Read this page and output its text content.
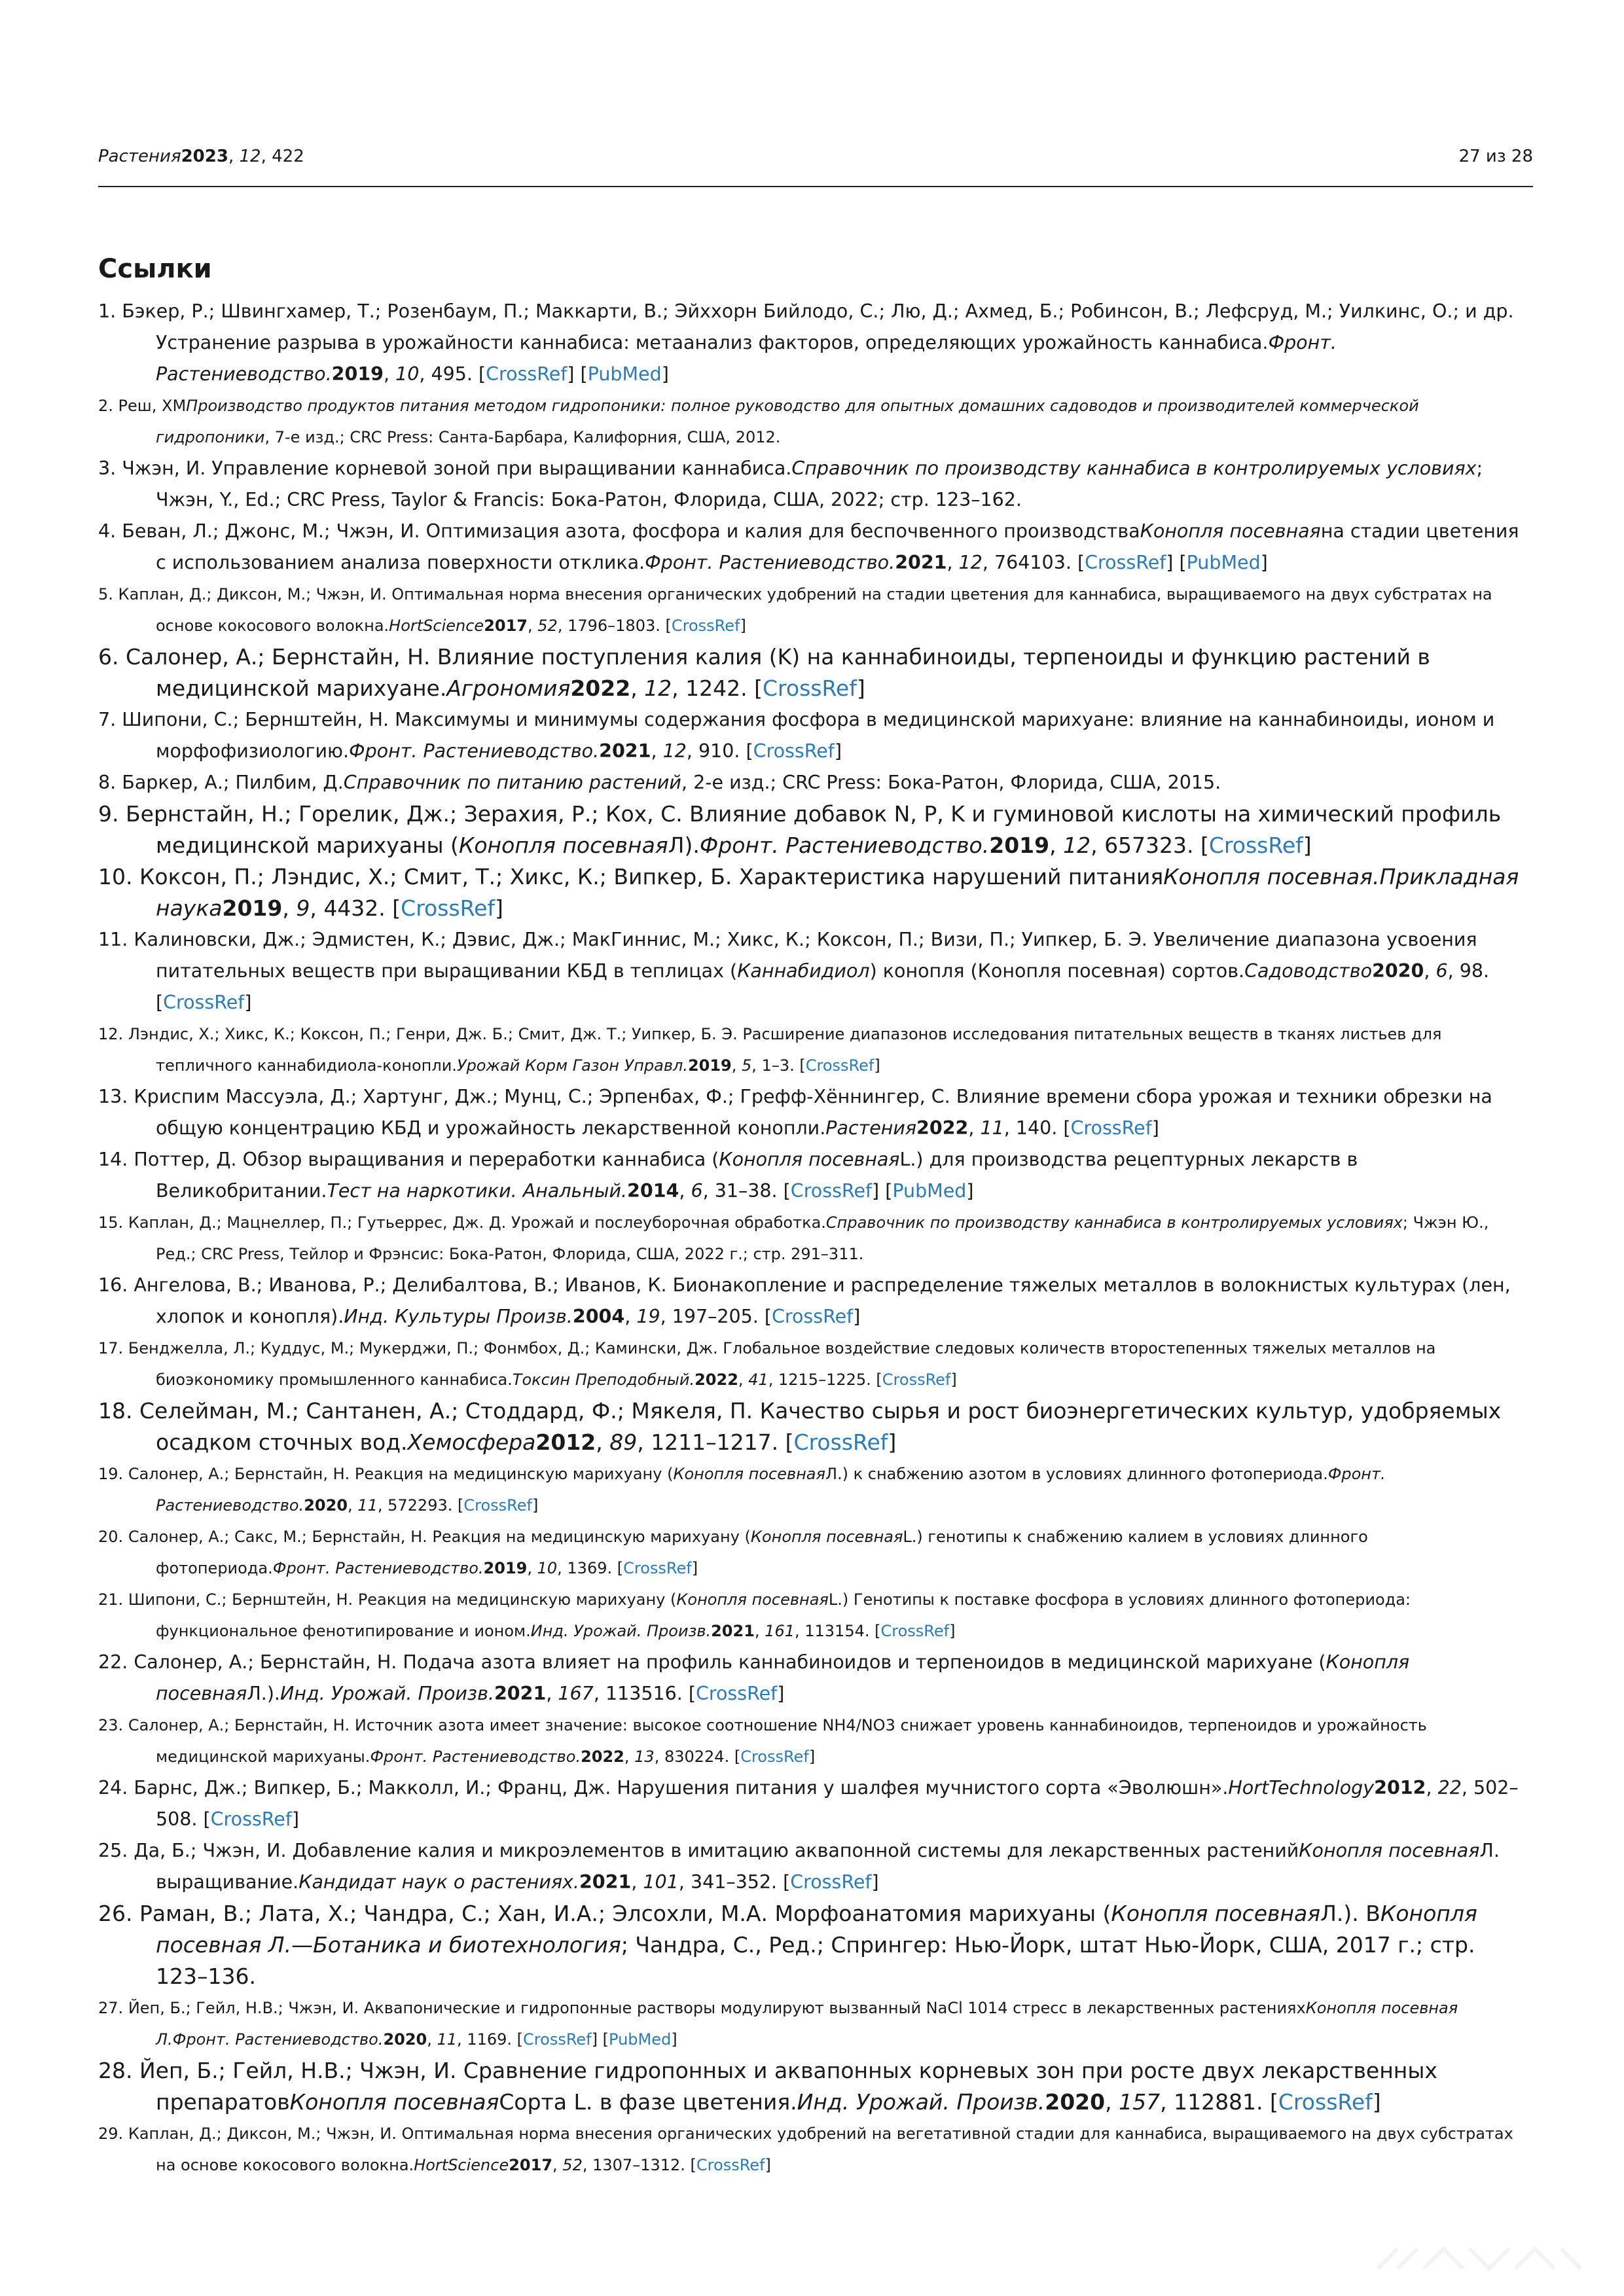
Растения2023, 12, 422	27 из 28
Ссылки
1. Бэкер, Р.; Швингхамер, Т.; Розенбаум, П.; Маккарти, В.; Эйххорн Бийлодо, С.; Лю, Д.; Ахмед, Б.; Робинсон, В.; Лефсруд, М.; Уилкинс, О.; и др. Устранение разрыва в урожайности каннабиса: метаанализ факторов, определяющих урожайность каннабиса.Фронт. Растениеводство.2019, 10, 495. [CrossRef] [PubMed]
2. Реш, ХМПроизводство продуктов питания методом гидропоники: полное руководство для опытных домашних садоводов и производителей коммерческой гидропоники, 7-е изд.; CRC Press: Санта-Барбара, Калифорния, США, 2012.
3. Чжэн, И. Управление корневой зоной при выращивании каннабиса.Справочник по производству каннабиса в контролируемых условиях; Чжэн, Y., Ed.; CRC Press, Taylor & Francis: Бока-Ратон, Флорида, США, 2022; стр. 123–162.
4. Беван, Л.; Джонс, М.; Чжэн, И. Оптимизация азота, фосфора и калия для беспочвенного производстваКонопля посевнаяна стадии цветения с использованием анализа поверхности отклика.Фронт. Растениеводство.2021, 12, 764103. [CrossRef] [PubMed]
5. Каплан, Д.; Диксон, М.; Чжэн, И. Оптимальная норма внесения органических удобрений на стадии цветения для каннабиса, выращиваемого на двух субстратах на основе кокосового волокна.HortScience2017, 52, 1796–1803. [CrossRef]
6. Салонер, А.; Бернстайн, Н. Влияние поступления калия (K) на каннабиноиды, терпеноиды и функцию растений в медицинской марихуане.Агрономия2022, 12, 1242. [CrossRef]
7. Шипони, С.; Бернштейн, Н. Максимумы и минимумы содержания фосфора в медицинской марихуане: влияние на каннабиноиды, ионом и морфофизиологию.Фронт. Растениеводство.2021, 12, 910. [CrossRef]
8. Баркер, А.; Пилбим, Д.Справочник по питанию растений, 2-е изд.; CRC Press: Бока-Ратон, Флорида, США, 2015.
9. Бернстайн, Н.; Горелик, Дж.; Зерахия, Р.; Кох, С. Влияние добавок N, P, K и гуминовой кислоты на химический профиль медицинской марихуаны (Конопля посевнаяЛ).Фронт. Растениеводство.2019, 12, 657323. [CrossRef]
10. Коксон, П.; Лэндис, Х.; Смит, Т.; Хикс, К.; Випкер, Б. Характеристика нарушений питанияКонопля посевная.Прикладная наука2019, 9, 4432. [CrossRef]
11. Калиновски, Дж.; Эдмистен, К.; Дэвис, Дж.; МакГиннис, М.; Хикс, К.; Коксон, П.; Визи, П.; Уипкер, Б. Э. Увеличение диапазона усвоения питательных веществ при выращивании КБД в теплицах (Каннабидиол) конопля (Конопля посевная) сортов.Садоводство2020, 6, 98. [CrossRef]
12. Лэндис, Х.; Хикс, К.; Коксон, П.; Генри, Дж. Б.; Смит, Дж. Т.; Уипкер, Б. Э. Расширение диапазонов исследования питательных веществ в тканях листьев для тепличного каннабидиола-конопли.Урожай Корм Газон Управл.2019, 5, 1–3. [CrossRef]
13. Криспим Массуэла, Д.; Хартунг, Дж.; Мунц, С.; Эрпенбах, Ф.; Грефф-Хённингер, С. Влияние времени сбора урожая и техники обрезки на общую концентрацию КБД и урожайность лекарственной конопли.Растения2022, 11, 140. [CrossRef]
14. Поттер, Д. Обзор выращивания и переработки каннабиса (Конопля посевнаяL.) для производства рецептурных лекарств в Великобритании.Тест на наркотики. Анальный.2014, 6, 31–38. [CrossRef] [PubMed]
15. Каплан, Д.; Мацнеллер, П.; Гутьеррес, Дж. Д. Урожай и послеуборочная обработка.Справочник по производству каннабиса в контролируемых условиях; Чжэн Ю., Ред.; CRC Press, Тейлор и Фрэнсис: Бока-Ратон, Флорида, США, 2022 г.; стр. 291–311.
16. Ангелова, В.; Иванова, Р.; Делибалтова, В.; Иванов, К. Бионакопление и распределение тяжелых металлов в волокнистых культурах (лен, хлопок и конопля).Инд. Культуры Произв.2004, 19, 197–205. [CrossRef]
17. Бенджелла, Л.; Куддус, М.; Мукерджи, П.; Фонмбох, Д.; Камински, Дж. Глобальное воздействие следовых количеств второстепенных тяжелых металлов на биоэкономику промышленного каннабиса.Токсин Преподобный.2022, 41, 1215–1225. [CrossRef]
18. Селейман, М.; Сантанен, А.; Стоддард, Ф.; Мякеля, П. Качество сырья и рост биоэнергетических культур, удобряемых осадком сточных вод.Хемосфера2012, 89, 1211–1217. [CrossRef]
19. Салонер, А.; Бернстайн, Н. Реакция на медицинскую марихуану (Конопля посевнаяЛ.) к снабжению азотом в условиях длинного фотопериода.Фронт. Растениеводство.2020, 11, 572293. [CrossRef]
20. Салонер, А.; Сакс, М.; Бернстайн, Н. Реакция на медицинскую марихуану (Конопля посевнаяL.) генотипы к снабжению калием в условиях длинного фотопериода.Фронт. Растениеводство.2019, 10, 1369. [CrossRef]
21. Шипони, С.; Бернштейн, Н. Реакция на медицинскую марихуану (Конопля посевнаяL.) Генотипы к поставке фосфора в условиях длинного фотопериода: функциональное фенотипирование и ионом.Инд. Урожай. Произв.2021, 161, 113154. [CrossRef]
22. Салонер, А.; Бернстайн, Н. Подача азота влияет на профиль каннабиноидов и терпеноидов в медицинской марихуане (Конопля посевнаяЛ.).Инд. Урожай. Произв.2021, 167, 113516. [CrossRef]
23. Салонер, А.; Бернстайн, Н. Источник азота имеет значение: высокое соотношение NH4/NO3 снижает уровень каннабиноидов, терпеноидов и урожайность медицинской марихуаны.Фронт. Растениеводство.2022, 13, 830224. [CrossRef]
24. Барнс, Дж.; Випкер, Б.; Макколл, И.; Франц, Дж. Нарушения питания у шалфея мучнистого сорта «Эволюшн».HortTechnology2012, 22, 502–508. [CrossRef]
25. Да, Б.; Чжэн, И. Добавление калия и микроэлементов в имитацию аквапонной системы для лекарственных растенийКонопля посевнаяЛ. выращивание.Кандидат наук о растениях.2021, 101, 341–352. [CrossRef]
26. Раман, В.; Лата, Х.; Чандра, С.; Хан, И.А.; Элсохли, М.А. Морфоанатомия марихуаны (Конопля посевнаяЛ.). ВКонопля посевная Л.—Ботаника и биотехнология; Чандра, С., Ред.; Спрингер: Нью-Йорк, штат Нью-Йорк, США, 2017 г.; стр. 123–136.
27. Йеп, Б.; Гейл, Н.В.; Чжэн, И. Аквапонические и гидропонные растворы модулируют вызванный NaCl 1014 стресс в лекарственных растенияхКонопля посевная Л.Фронт. Растениеводство.2020, 11, 1169. [CrossRef] [PubMed]
28. Йеп, Б.; Гейл, Н.В.; Чжэн, И. Сравнение гидропонных и аквапонных корневых зон при росте двух лекарственных препаратовКонопля посевнаяСорта L. в фазе цветения.Инд. Урожай. Произв.2020, 157, 112881. [CrossRef]
29. Каплан, Д.; Диксон, М.; Чжэн, И. Оптимальная норма внесения органических удобрений на вегетативной стадии для каннабиса, выращиваемого на двух субстратах на основе кокосового волокна.HortScience2017, 52, 1307–1312. [CrossRef]
